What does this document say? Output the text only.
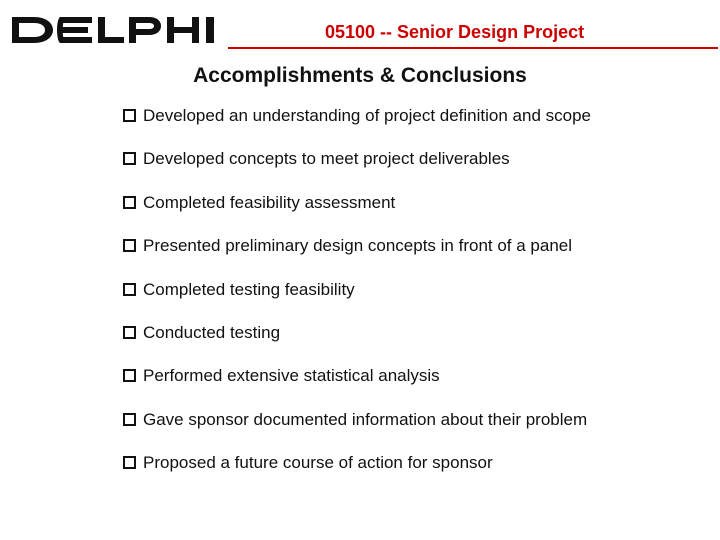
05100 -- Senior Design Project
Accomplishments & Conclusions
Developed an understanding of project definition and scope
Developed concepts to meet project deliverables
Completed feasibility assessment
Presented preliminary design concepts in front of a panel
Completed testing feasibility
Conducted testing
Performed extensive statistical analysis
Gave sponsor documented information about their problem
Proposed a future course of action for sponsor
